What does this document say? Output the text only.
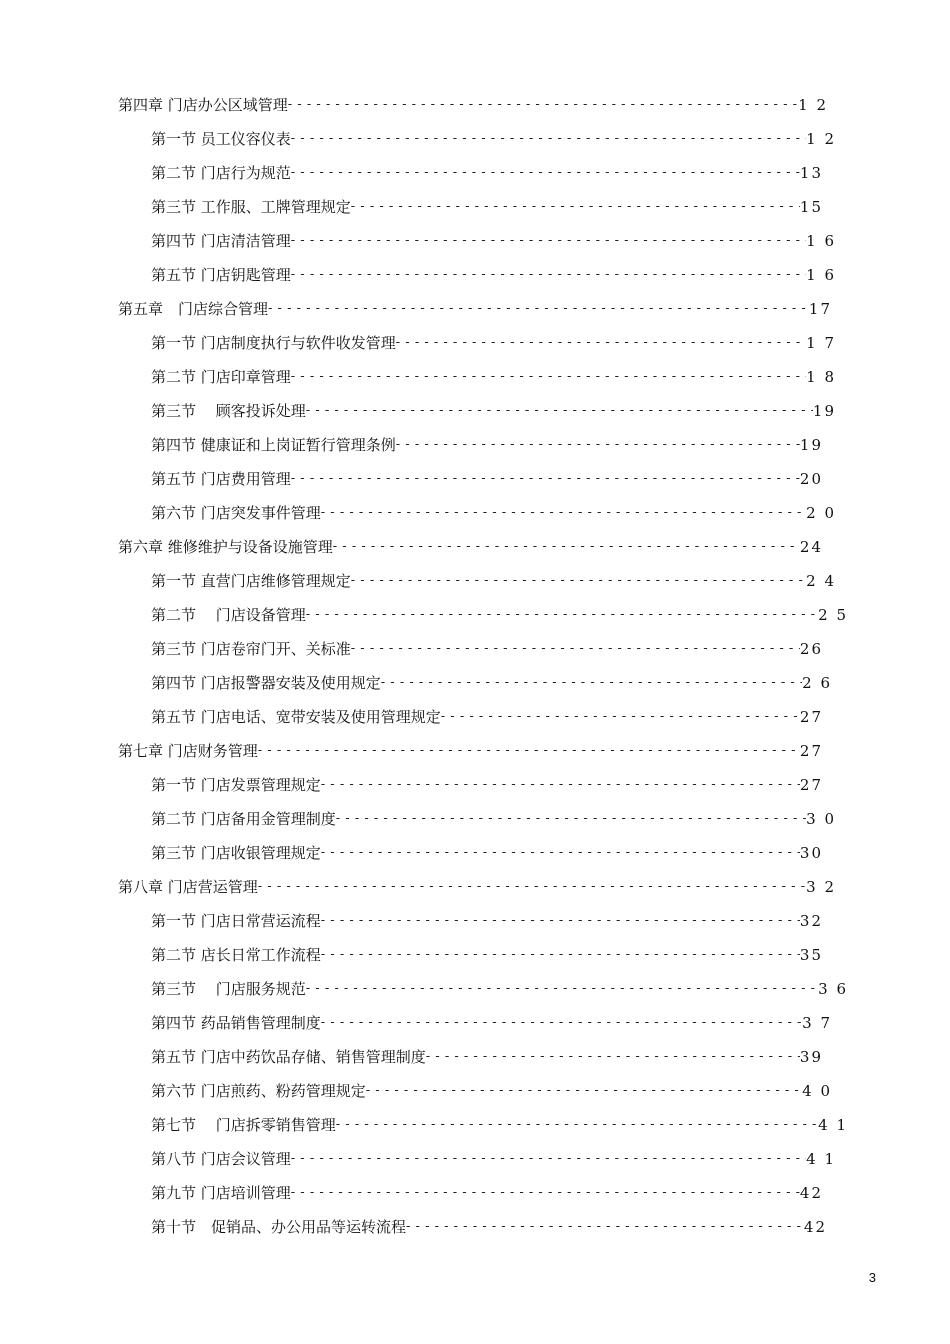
第四章 门店办公区域管理 - - -	1 2
第一节 员工仪容仪表 - - -	1 2
第二节 门店行为规范 - - -	13
第三节 工作服、工牌管理规定 - - -	15
第四节 门店清洁管理 - - -	1 6
第五节 门店钥匙管理 - - -	1 6
第五章　门店综合管理 - - -	17
第一节 门店制度执行与软件收发管理 - - -	1 7
第二节 门店印章管理 - - -	1 8
第三节　 顾客投诉处理 - - -	19
第四节 健康证和上岗证暂行管理条例 - - -	19
第五节 门店费用管理 - - -	20
第六节 门店突发事件管理 - - -	2 0
第六章 维修维护与设备设施管理 - - -	24
第一节 直营门店维修管理规定 - - -	2 4
第二节　 门店设备管理 - - -	2 5
第三节 门店卷帘门开、关标准 - - -	26
第四节 门店报警器安装及使用规定 - - -	2 6
第五节 门店电话、宽带安装及使用管理规定 - - -	27
第七章 门店财务管理 - - -	27
第一节 门店发票管理规定 - - -	27
第二节 门店备用金管理制度 - - -	3 0
第三节 门店收银管理规定 - - -	30
第八章 门店营运管理 - - -	3 2
第一节 门店日常营运流程 - - -	32
第二节 店长日常工作流程 - - -	35
第三节　 门店服务规范 - - -	3 6
第四节 药品销售管理制度 - - -	3 7
第五节 门店中药饮品存储、销售管理制度 - - -	39
第六节 门店煎药、粉药管理规定 - - -	4 0
第七节　 门店拆零销售管理 - - -	4 1
第八节 门店会议管理 - - -	4 1
第九节 门店培训管理 - - -	42
第十节　促销品、办公用品等运转流程 - - -	42
3
